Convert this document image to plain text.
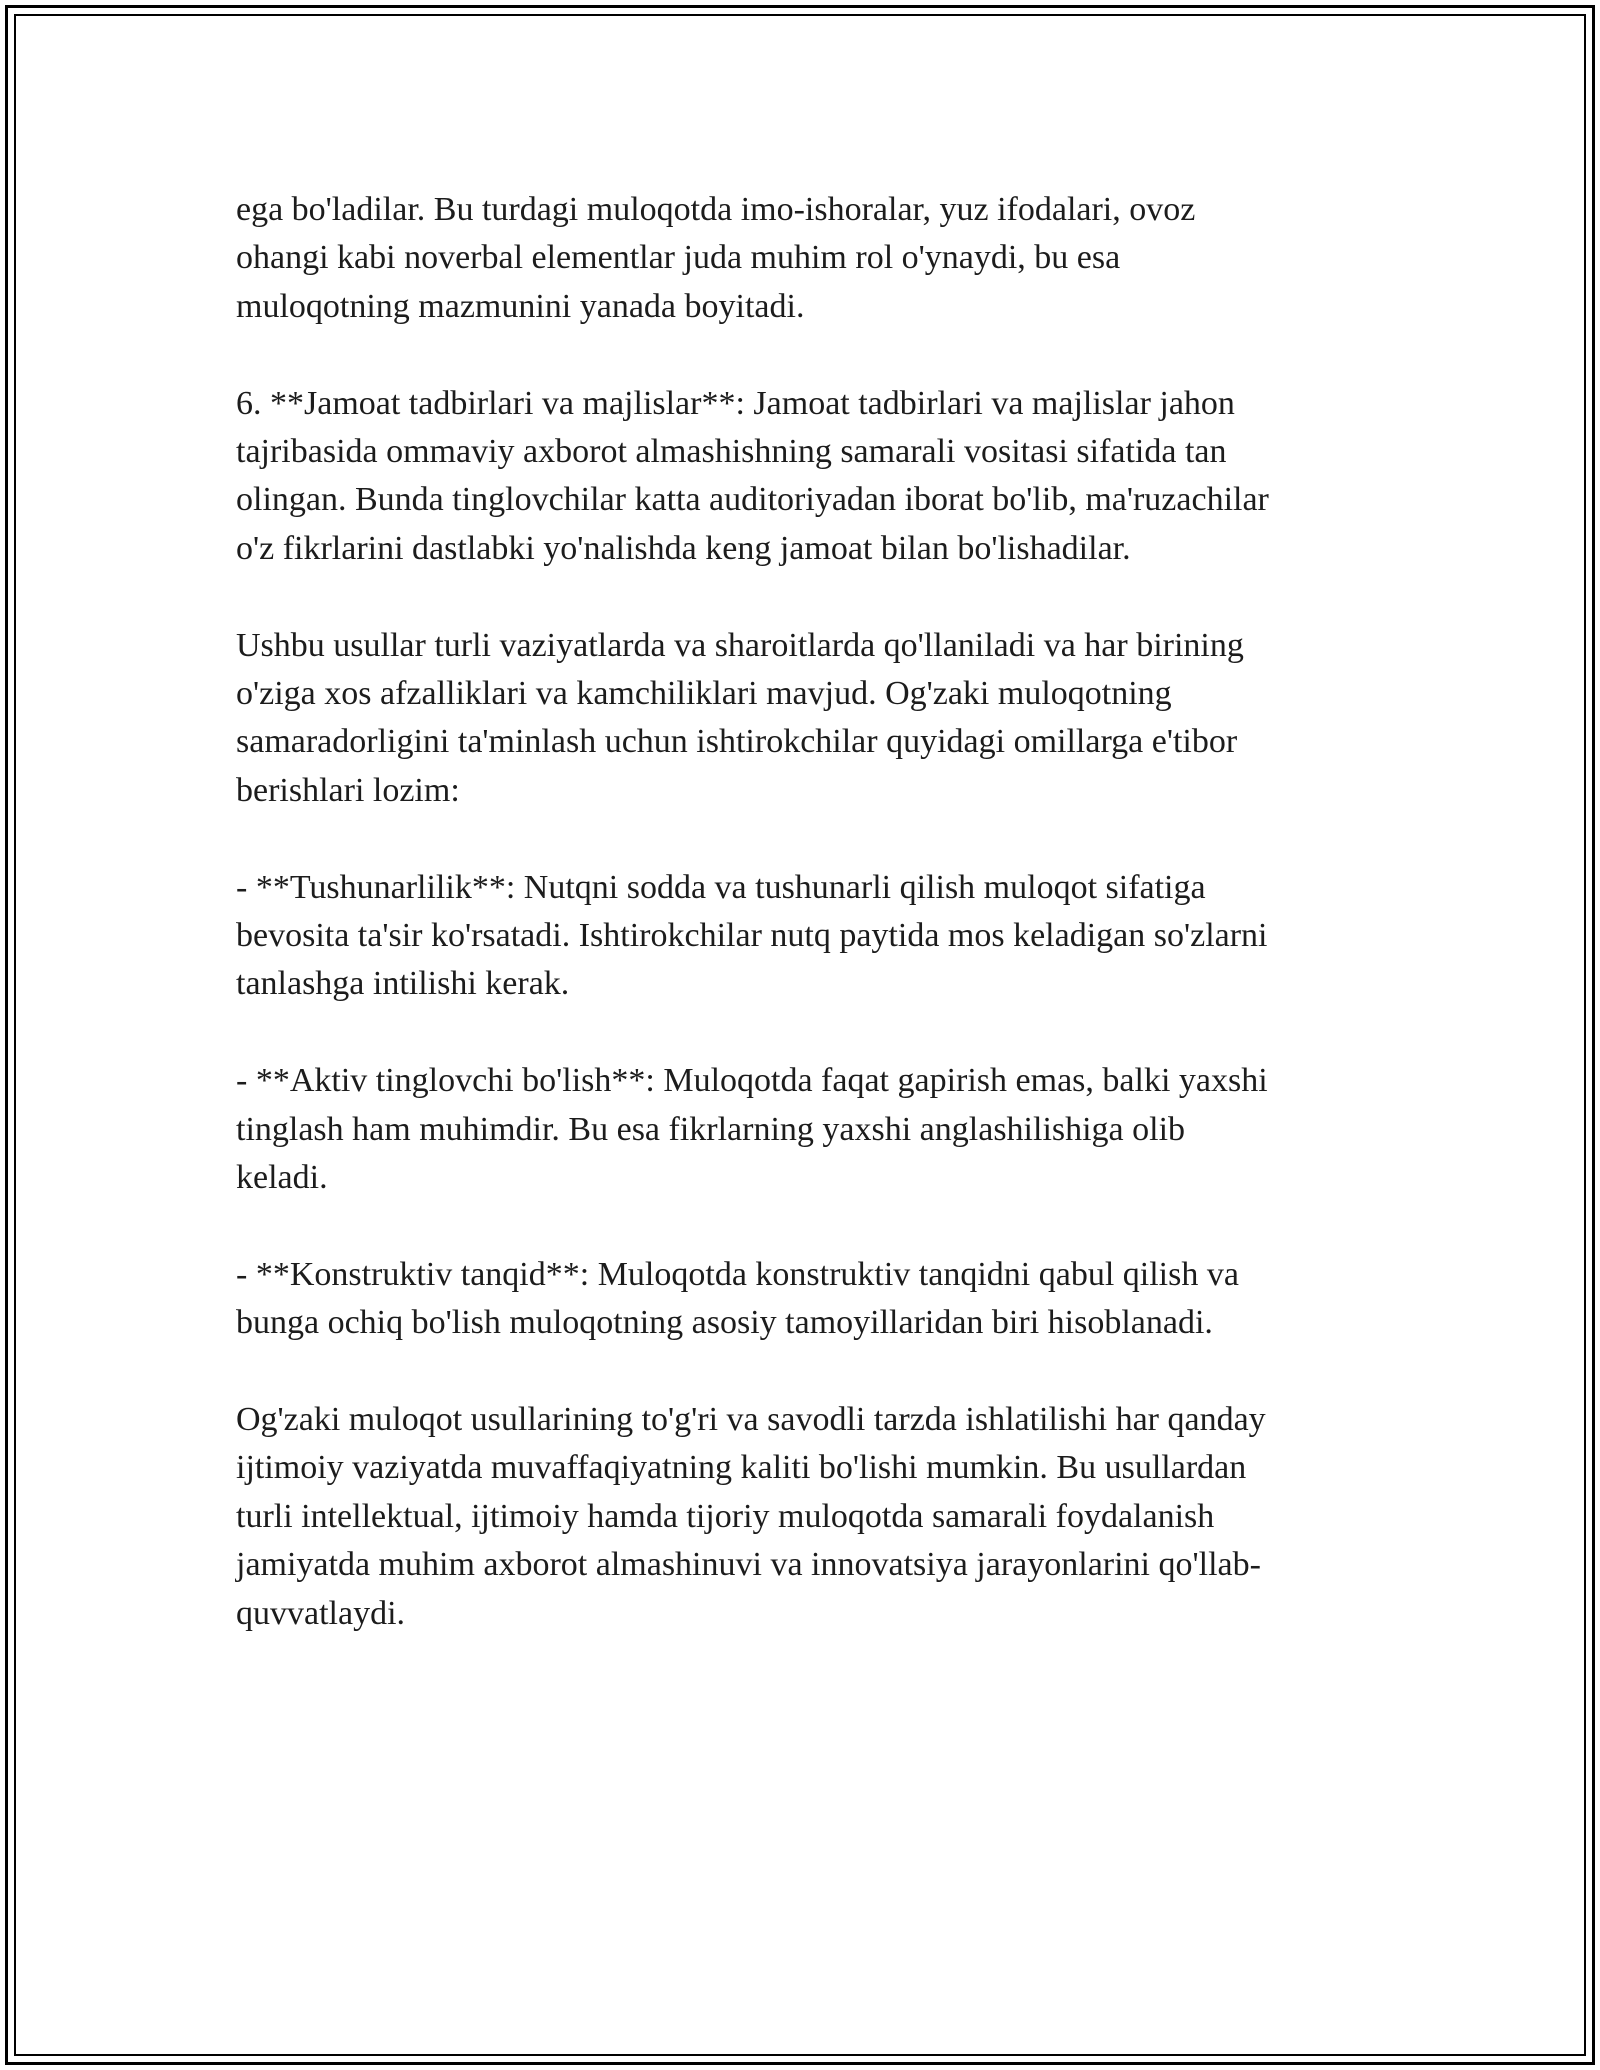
ega bo'ladilar. Bu turdagi muloqotda imo-ishoralar, yuz ifodalari, ovoz
ohangi kabi noverbal elementlar juda muhim rol o'ynaydi, bu esa
muloqotning mazmunini yanada boyitadi.

6. **Jamoat tadbirlari va majlislar**: Jamoat tadbirlari va majlislar jahon
tajribasida ommaviy axborot almashishning samarali vositasi sifatida tan
olingan. Bunda tinglovchilar katta auditoriyadan iborat bo'lib, ma'ruzachilar
o'z fikrlarini dastlabki yo'nalishda keng jamoat bilan bo'lishadilar.

Ushbu usullar turli vaziyatlarda va sharoitlarda qo'llaniladi va har birining
o'ziga xos afzalliklari va kamchiliklari mavjud. Og'zaki muloqotning
samaradorligini ta'minlash uchun ishtirokchilar quyidagi omillarga e'tibor
berishlari lozim:

- **Tushunarlilik**: Nutqni sodda va tushunarli qilish muloqot sifatiga
bevosita ta'sir ko'rsatadi. Ishtirokchilar nutq paytida mos keladigan so'zlarni
tanlashga intilishi kerak.

- **Aktiv tinglovchi bo'lish**: Muloqotda faqat gapirish emas, balki yaxshi
tinglash ham muhimdir. Bu esa fikrlarning yaxshi anglashilishiga olib
keladi.

- **Konstruktiv tanqid**: Muloqotda konstruktiv tanqidni qabul qilish va
bunga ochiq bo'lish muloqotning asosiy tamoyillaridan biri hisoblanadi.

Og'zaki muloqot usullarining to'g'ri va savodli tarzda ishlatilishi har qanday
ijtimoiy vaziyatda muvaffaqiyatning kaliti bo'lishi mumkin. Bu usullardan
turli intellektual, ijtimoiy hamda tijoriy muloqotda samarali foydalanish
jamiyatda muhim axborot almashinuvi va innovatsiya jarayonlarini qo'llab-
quvvatlaydi.
